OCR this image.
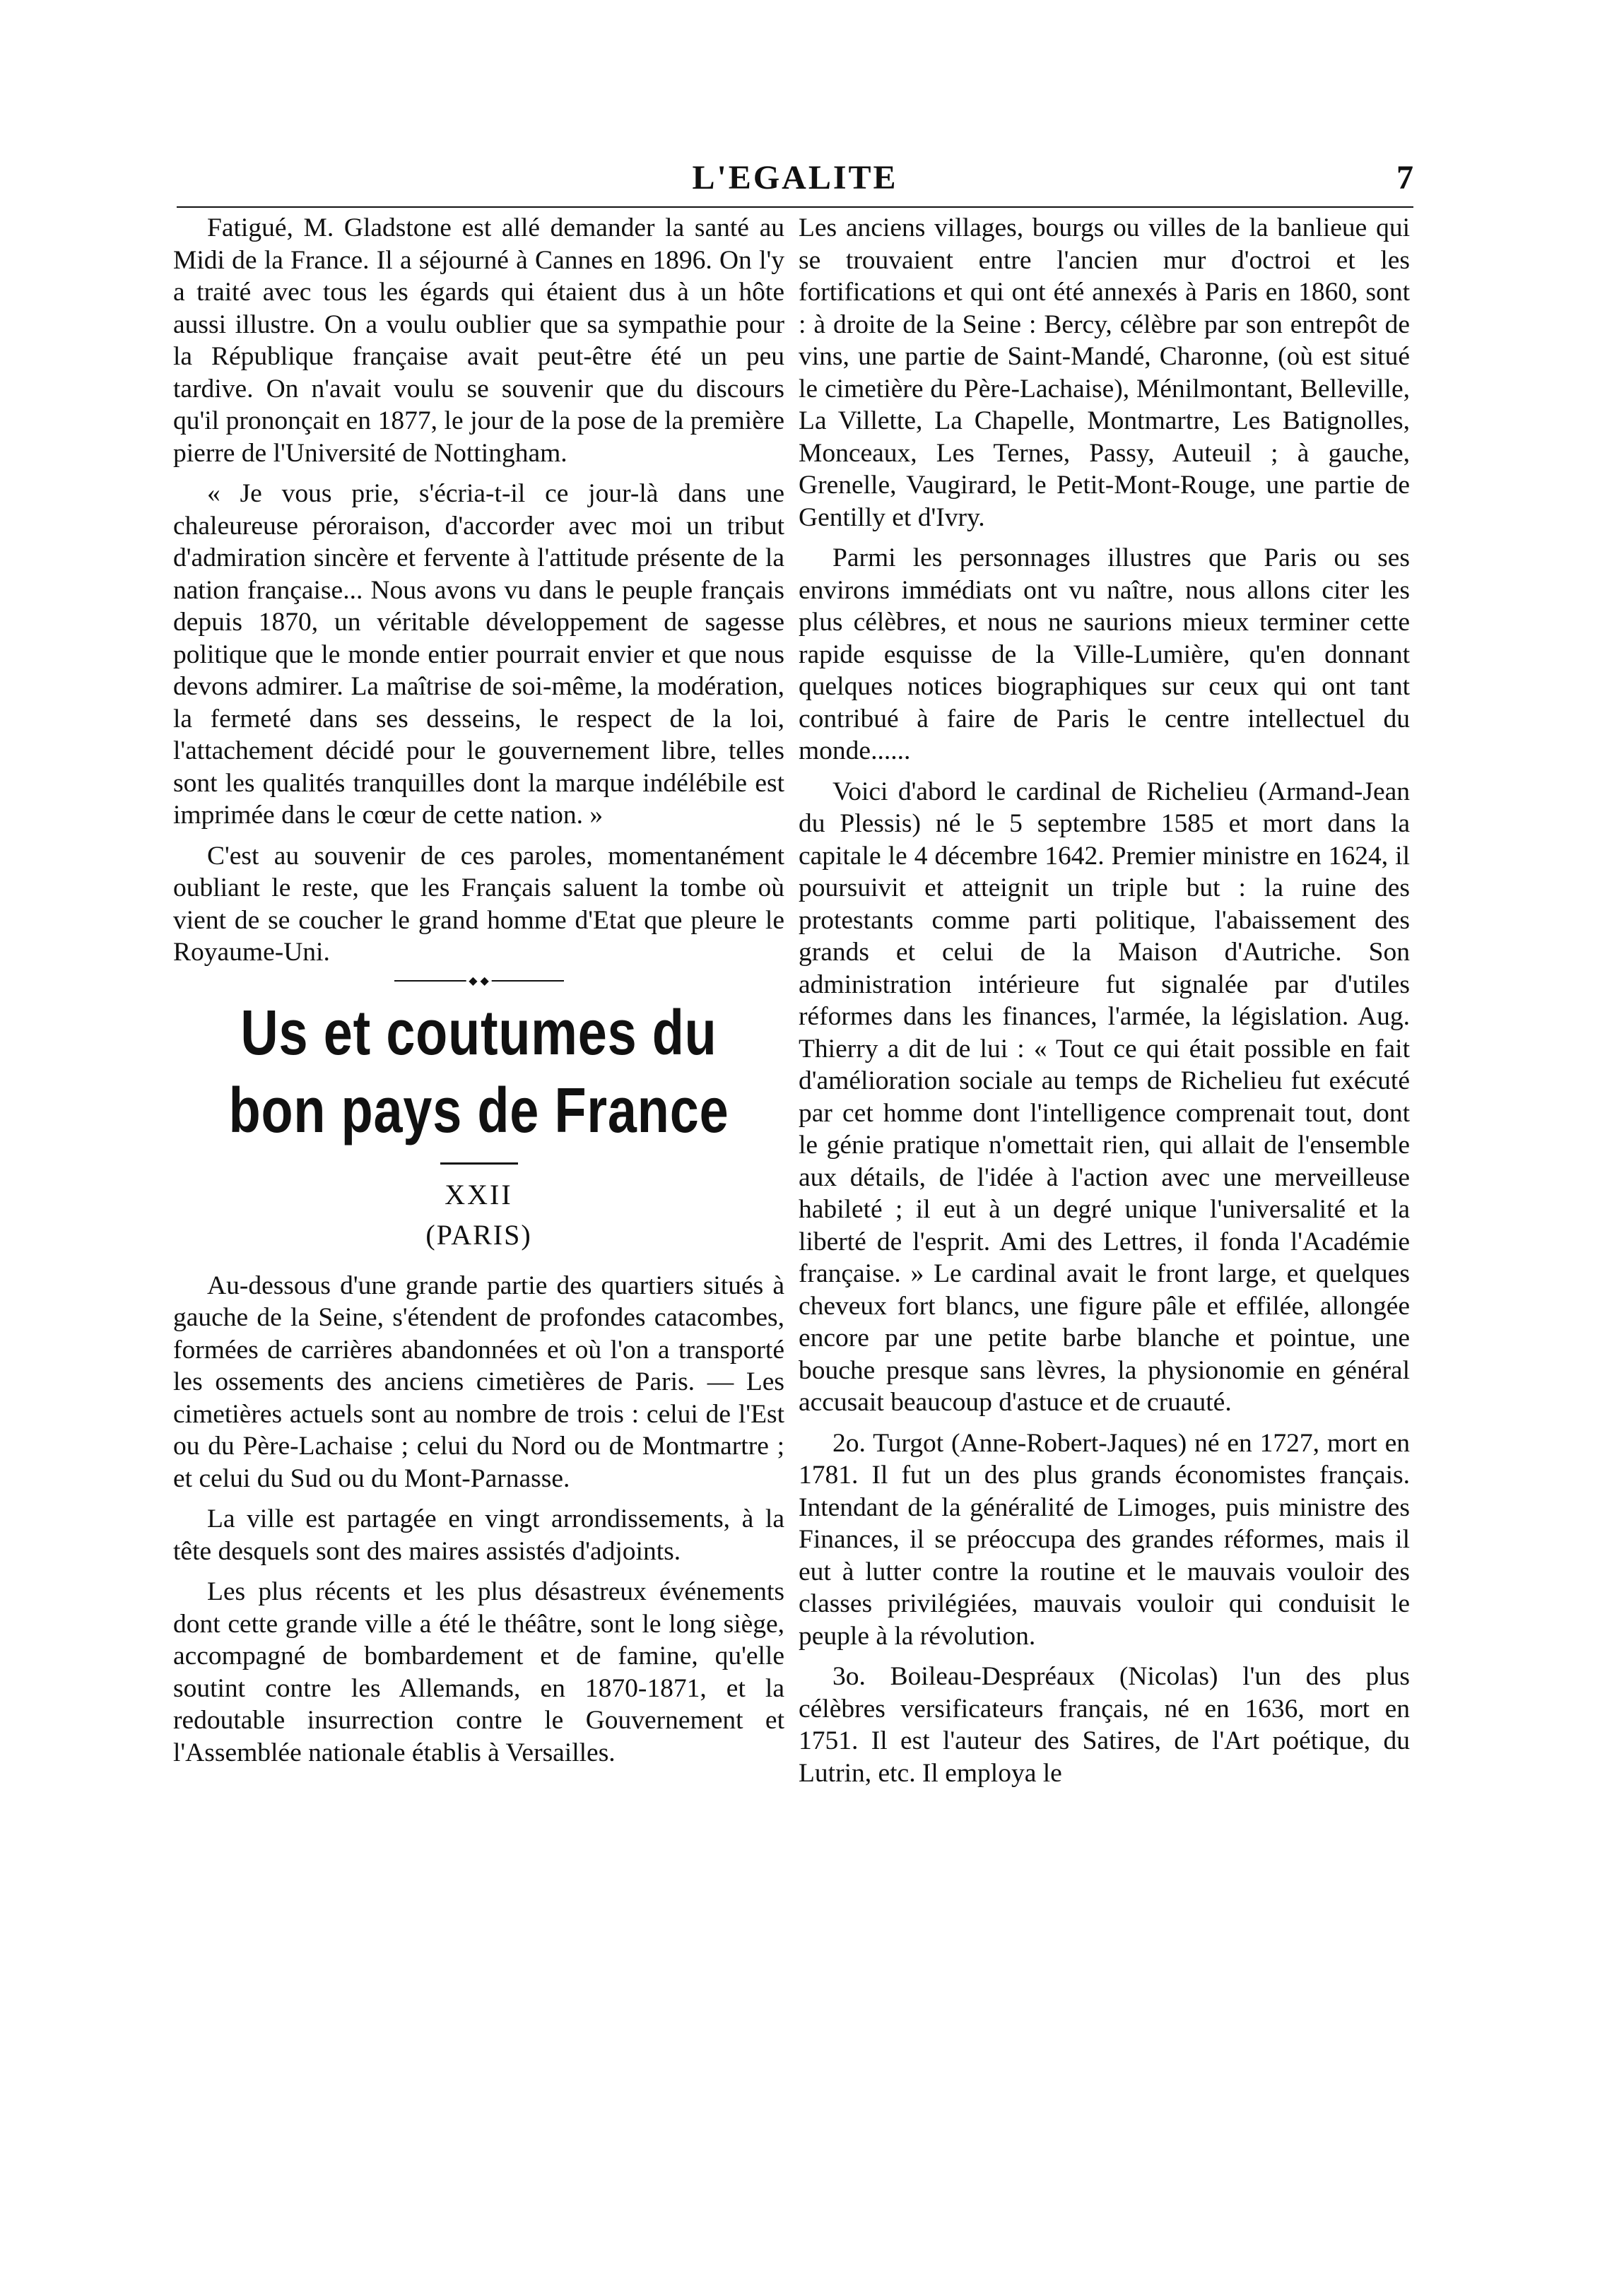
L'EGALITE	7

Fatigué, M. Gladstone est allé demander la santé au Midi de la France. Il a séjourné à Cannes en 1896. On l'y a traité avec tous les égards qui étaient dus à un hôte aussi illustre. On a voulu oublier que sa sympathie pour la République française avait peut-être été un peu tardive. On n'avait voulu se souvenir que du discours qu'il prononçait en 1877, le jour de la pose de la première pierre de l'Université de Nottingham.

« Je vous prie, s'écria-t-il ce jour-là dans une chaleureuse péroraison, d'accorder avec moi un tribut d'admiration sincère et fervente à l'attitude présente de la nation française... Nous avons vu dans le peuple français depuis 1870, un véritable développement de sagesse politique que le monde entier pourrait envier et que nous devons admirer. La maîtrise de soi-même, la modération, la fermeté dans ses desseins, le respect de la loi, l'attachement décidé pour le gouvernement libre, telles sont les qualités tranquilles dont la marque indélébile est imprimée dans le cœur de cette nation. »

C'est au souvenir de ces paroles, momentanément oubliant le reste, que les Français saluent la tombe où vient de se coucher le grand homme d'Etat que pleure le Royaume-Uni.

◆ ◆
Us et coutumes du bon pays de France
XXII
(PARIS)

Au-dessous d'une grande partie des quartiers situés à gauche de la Seine, s'étendent de profondes catacombes, formées de carrières abandonnées et où l'on a transporté les ossements des anciens cimetières de Paris. — Les cimetières actuels sont au nombre de trois : celui de l'Est ou du Père-Lachaise ; celui du Nord ou de Montmartre ; et celui du Sud ou du Mont-Parnasse.

La ville est partagée en vingt arrondissements, à la tête desquels sont des maires assistés d'adjoints.

Les plus récents et les plus désastreux événements dont cette grande ville a été le théâtre, sont le long siège, accompagné de bombardement et de famine, qu'elle soutint contre les Allemands, en 1870-1871, et la redoutable insurrection contre le Gouvernement et l'Assemblée nationale établis à Versailles.

Les anciens villages, bourgs ou villes de la banlieue qui se trouvaient entre l'ancien mur d'octroi et les fortifications et qui ont été annexés à Paris en 1860, sont : à droite de la Seine : Bercy, célèbre par son entrepôt de vins, une partie de Saint-Mandé, Charonne, (où est situé le cimetière du Père-Lachaise), Ménilmontant, Belleville, La Villette, La Chapelle, Montmartre, Les Batignolles, Monceaux, Les Ternes, Passy, Auteuil ; à gauche, Grenelle, Vaugirard, le Petit-Mont-Rouge, une partie de Gentilly et d'Ivry.

Parmi les personnages illustres que Paris ou ses environs immédiats ont vu naître, nous allons citer les plus célèbres, et nous ne saurions mieux terminer cette rapide esquisse de la Ville-Lumière, qu'en donnant quelques notices biographiques sur ceux qui ont tant contribué à faire de Paris le centre intellectuel du monde......

Voici d'abord le cardinal de Richelieu (Armand-Jean du Plessis) né le 5 septembre 1585 et mort dans la capitale le 4 décembre 1642. Premier ministre en 1624, il poursuivit et atteignit un triple but : la ruine des protestants comme parti politique, l'abaissement des grands et celui de la Maison d'Autriche. Son administration intérieure fut signalée par d'utiles réformes dans les finances, l'armée, la législation. Aug. Thierry a dit de lui : « Tout ce qui était possible en fait d'amélioration sociale au temps de Richelieu fut exécuté par cet homme dont l'intelligence comprenait tout, dont le génie pratique n'omettait rien, qui allait de l'ensemble aux détails, de l'idée à l'action avec une merveilleuse habileté ; il eut à un degré unique l'universalité et la liberté de l'esprit. Ami des Lettres, il fonda l'Académie française. » Le cardinal avait le front large, et quelques cheveux fort blancs, une figure pâle et effilée, allongée encore par une petite barbe blanche et pointue, une bouche presque sans lèvres, la physionomie en général accusait beaucoup d'astuce et de cruauté.

2o. Turgot (Anne-Robert-Jaques) né en 1727, mort en 1781. Il fut un des plus grands économistes français. Intendant de la généralité de Limoges, puis ministre des Finances, il se préoccupa des grandes réformes, mais il eut à lutter contre la routine et le mauvais vouloir des classes privilégiées, mauvais vouloir qui conduisit le peuple à la révolution.

3o. Boileau-Despréaux (Nicolas) l'un des plus célèbres versificateurs français, né en 1636, mort en 1751. Il est l'auteur des Satires, de l'Art poétique, du Lutrin, etc. Il employa le
